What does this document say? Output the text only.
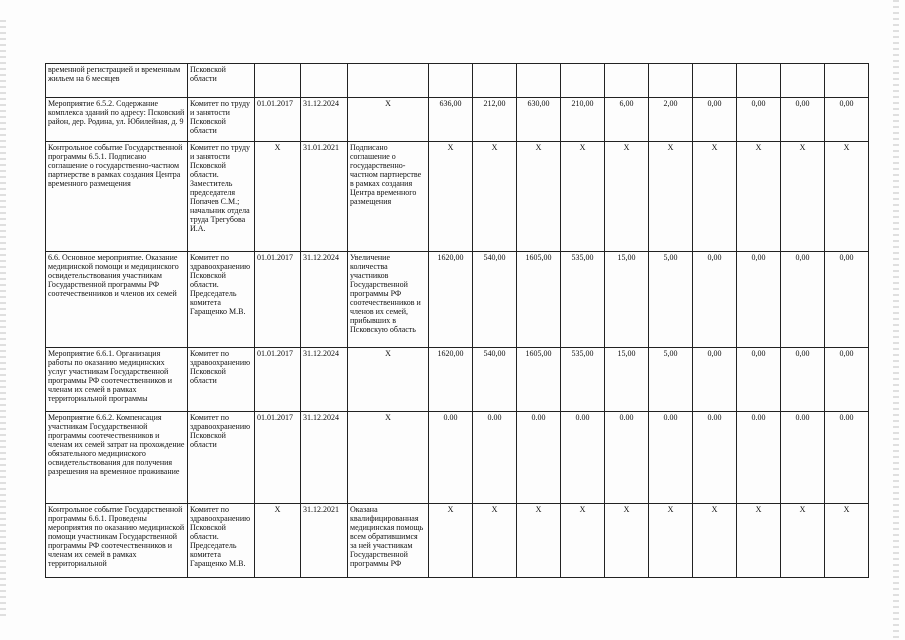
временной регистрацией и временным жильем на 6 месяцев	Псковской области													
Мероприятие 6.5.2. Содержание комплекса зданий по адресу: Псковский район, дер. Родина, ул. Юбилейная, д. 9	Комитет по труду и занятости Псковской области	01.01.2017	31.12.2024	Х	636,00	212,00	630,00	210,00	6,00	2,00	0,00	0,00	0,00	0,00
Контрольное событие Государственной программы 6.5.1. Подписано соглашение о государственно-частном партнерстве в рамках создания Центра временного размещения	Комитет по труду и занятости Псковской области. Заместитель председателя Попачев С.М.; начальник отдела труда Трегубова И.А.	Х	31.01.2021	Подписано соглашение о государственно-частном партнерстве в рамках создания Центра временного размещения	Х	Х	Х	Х	Х	Х	Х	Х	Х	Х
6.6. Основное мероприятие. Оказание медицинской помощи и медицинского освидетельствования участникам Государственной программы РФ соотечественников и членов их семей	Комитет по здравоохранению Псковской области. Председатель комитета Гаращенко М.В.	01.01.2017	31.12.2024	Увеличение количества участников Государственной программы РФ соотечественников и членов их семей, прибывших в Псковскую область	1620,00	540,00	1605,00	535,00	15,00	5,00	0,00	0,00	0,00	0,00
Мероприятие 6.6.1. Организация работы по оказанию медицинских услуг участникам Государственной программы РФ соотечественников и членам их семей в рамках территориальной программы	Комитет по здравоохранению Псковской области	01.01.2017	31.12.2024	Х	1620,00	540,00	1605,00	535,00	15,00	5,00	0,00	0,00	0,00	0,00
Мероприятие 6.6.2. Компенсация участникам Государственной программы соотечественников и членам их семей затрат на прохождение обязательного медицинского освидетельствования для получения разрешения на временное проживание	Комитет по здравоохранению Псковской области	01.01.2017	31.12.2024	Х	0.00	0.00	0.00	0.00	0.00	0.00	0.00	0.00	0.00	0.00
Контрольное событие Государственной программы 6.6.1. Проведены мероприятия по оказанию медицинской помощи участникам Государственной программы РФ соотечественников и членам их семей в рамках территориальной	Комитет по здравоохранению Псковской области. Председатель комитета Гаращенко М.В.	Х	31.12.2021	Оказана квалифицированная медицинская помощь всем обратившимся за ней участникам Государственной программы РФ	Х	Х	Х	Х	Х	Х	Х	Х	Х	Х
